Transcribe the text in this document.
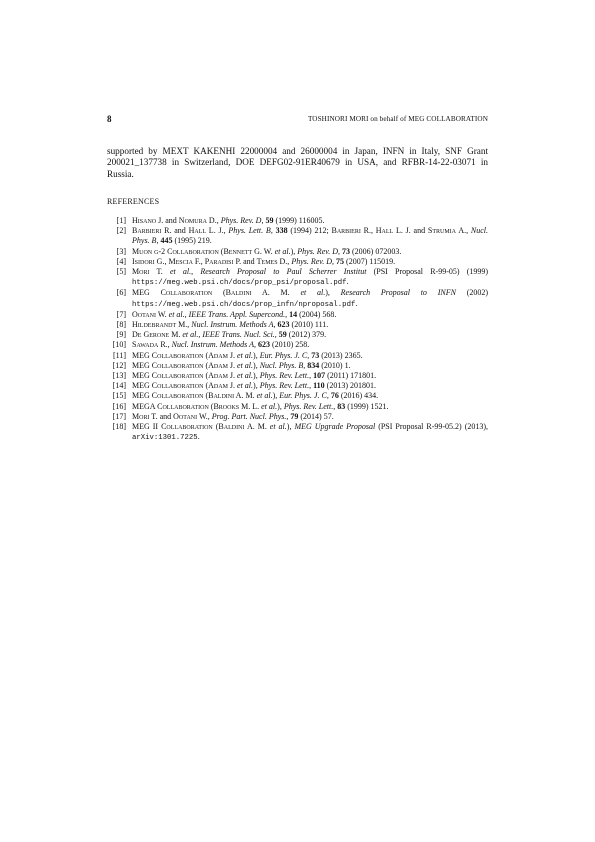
8	TOSHINORI MORI on behalf of MEG COLLABORATION

supported by MEXT KAKENHI 22000004 and 26000004 in Japan, INFN in Italy, SNF Grant 200021_137738 in Switzerland, DOE DEFG02-91ER40679 in USA, and RFBR-14-22-03071 in Russia.

REFERENCES
[1] Hisano J. and Nomura D., Phys. Rev. D, 59 (1999) 116005.
[2] Barbieri R. and Hall L. J., Phys. Lett. B, 338 (1994) 212; Barbieri R., Hall L. J. and Strumia A., Nucl. Phys. B, 445 (1995) 219.
[3] Muon g-2 Collaboration (Bennett G. W. et al.), Phys. Rev. D, 73 (2006) 072003.
[4] Isidori G., Mescia F., Paradisi P. and Temes D., Phys. Rev. D, 75 (2007) 115019.
[5] Mori T. et al., Research Proposal to Paul Scherrer Institut (PSI Proposal R-99-05) (1999) https://meg.web.psi.ch/docs/prop_psi/proposal.pdf.
[6] MEG Collaboration (Baldini A. M. et al.), Research Proposal to INFN (2002) https://meg.web.psi.ch/docs/prop_infn/nproposal.pdf.
[7] Ootani W. et al., IEEE Trans. Appl. Supercond., 14 (2004) 568.
[8] Hildebrandt M., Nucl. Instrum. Methods A, 623 (2010) 111.
[9] De Gerone M. et al., IEEE Trans. Nucl. Sci., 59 (2012) 379.
[10] Sawada R., Nucl. Instrum. Methods A, 623 (2010) 258.
[11] MEG Collaboration (Adam J. et al.), Eur. Phys. J. C, 73 (2013) 2365.
[12] MEG Collaboration (Adam J. et al.), Nucl. Phys. B, 834 (2010) 1.
[13] MEG Collaboration (Adam J. et al.), Phys. Rev. Lett., 107 (2011) 171801.
[14] MEG Collaboration (Adam J. et al.), Phys. Rev. Lett., 110 (2013) 201801.
[15] MEG Collaboration (Baldini A. M. et al.), Eur. Phys. J. C, 76 (2016) 434.
[16] MEGA Collaboration (Brooks M. L. et al.), Phys. Rev. Lett., 83 (1999) 1521.
[17] Mori T. and Ootani W., Prog. Part. Nucl. Phys., 79 (2014) 57.
[18] MEG II Collaboration (Baldini A. M. et al.), MEG Upgrade Proposal (PSI Proposal R-99-05.2) (2013), arXiv:1301.7225.
